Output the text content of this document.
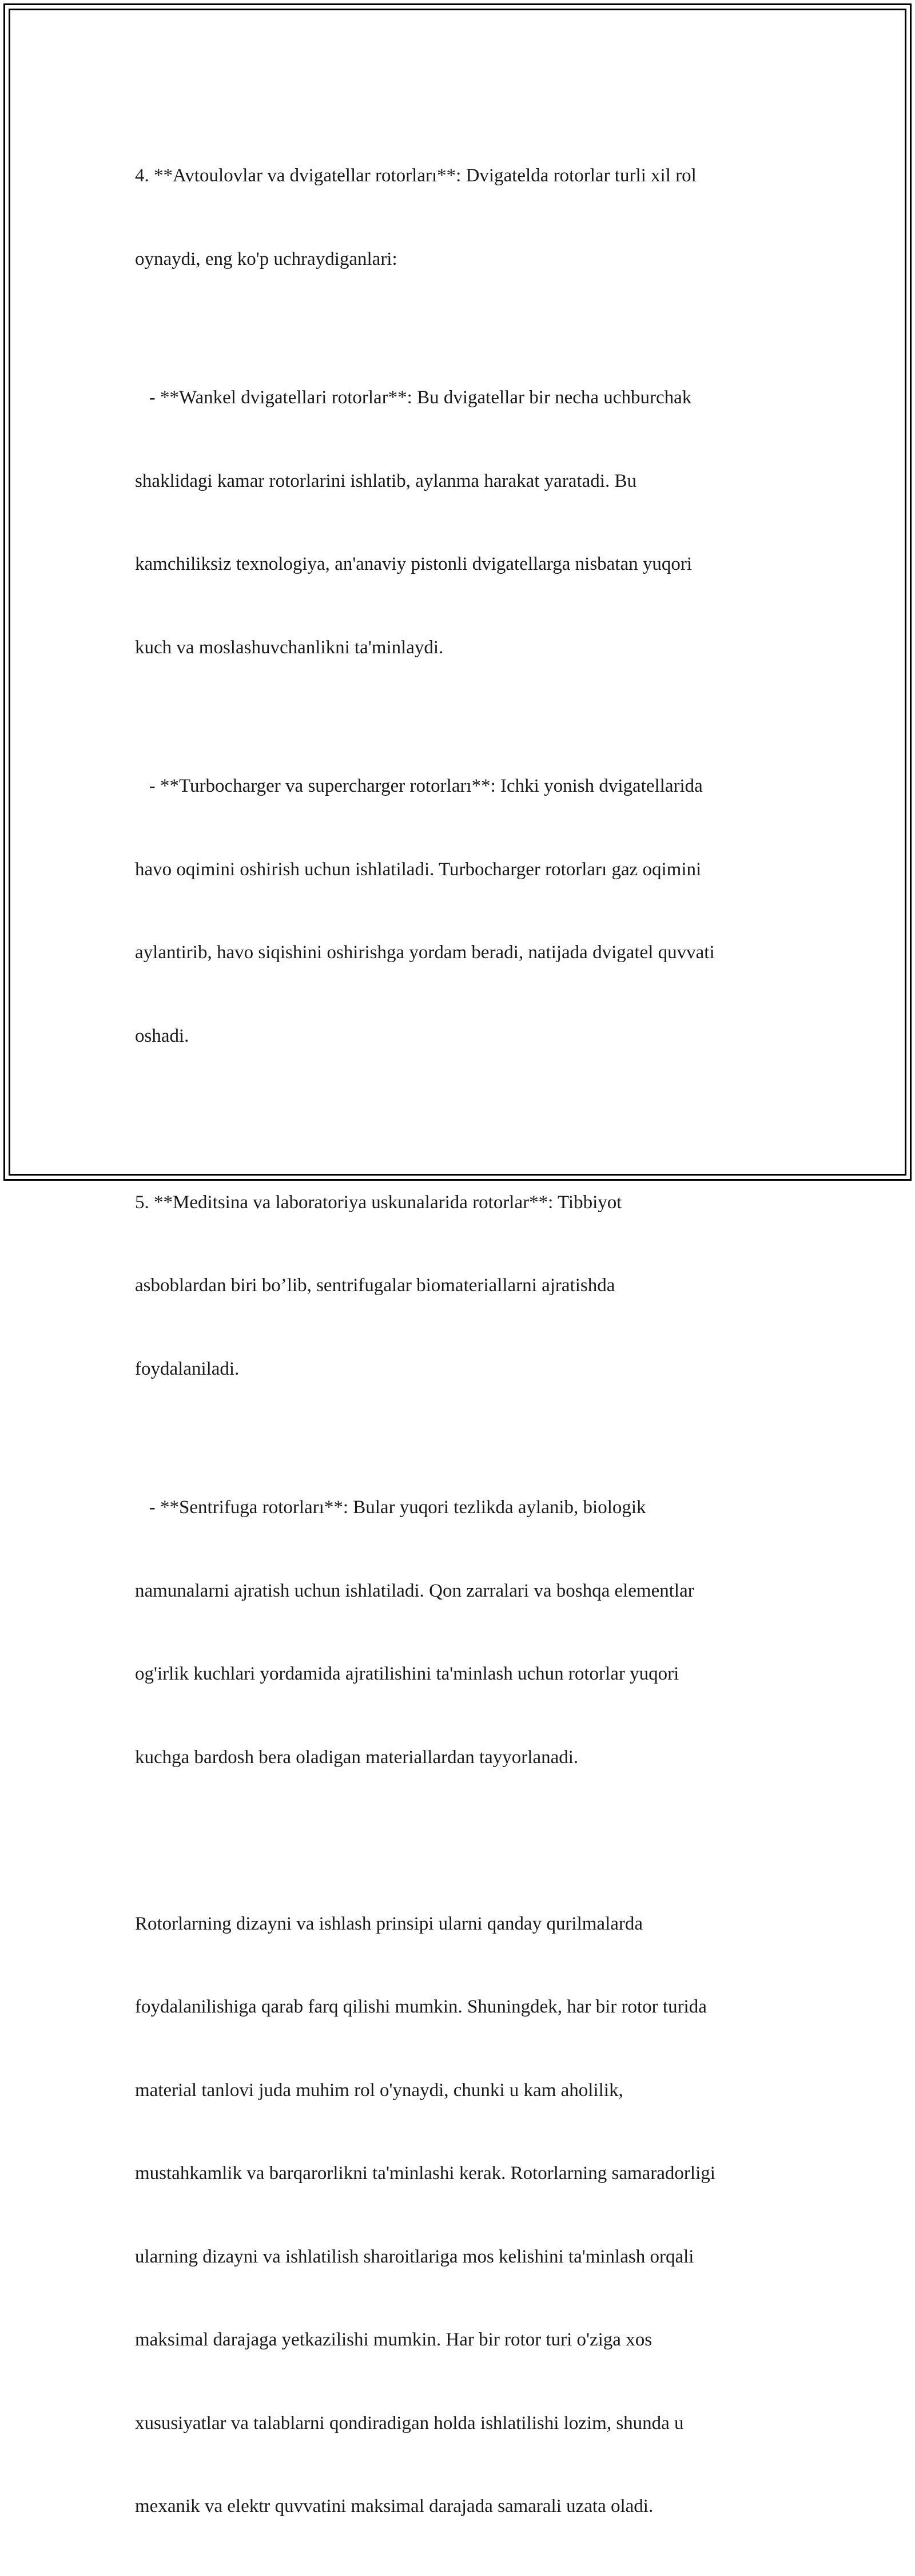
4. **Avtoulovlar va dvigatellar rotorları**: Dvigatelda rotorlar turli xil rol

oynaydi, eng ko'p uchraydiganlari:

- **Wankel dvigatellari rotorlar**: Bu dvigatellar bir necha uchburchak

shaklidagi kamar rotorlarini ishlatib, aylanma harakat yaratadi. Bu

kamchiliksiz texnologiya, an'anaviy pistonli dvigatellarga nisbatan yuqori

kuch va moslashuvchanlikni ta'minlaydi.

- **Turbocharger va supercharger rotorları**: Ichki yonish dvigatellarida

havo oqimini oshirish uchun ishlatiladi. Turbocharger rotorları gaz oqimini

aylantirib, havo siqishini oshirishga yordam beradi, natijada dvigatel quvvati

oshadi.

5. **Meditsina va laboratoriya uskunalarida rotorlar**: Tibbiyot

asboblardan biri bo’lib, sentrifugalar biomateriallarni ajratishda

foydalaniladi.

- **Sentrifuga rotorları**: Bular yuqori tezlikda aylanib, biologik

namunalarni ajratish uchun ishlatiladi. Qon zarralari va boshqa elementlar

og'irlik kuchlari yordamida ajratilishini ta'minlash uchun rotorlar yuqori

kuchga bardosh bera oladigan materiallardan tayyorlanadi.

Rotorlarning dizayni va ishlash prinsipi ularni qanday qurilmalarda

foydalanilishiga qarab farq qilishi mumkin. Shuningdek, har bir rotor turida

material tanlovi juda muhim rol o'ynaydi, chunki u kam aholilik,

mustahkamlik va barqarorlikni ta'minlashi kerak. Rotorlarning samaradorligi

ularning dizayni va ishlatilish sharoitlariga mos kelishini ta'minlash orqali

maksimal darajaga yetkazilishi mumkin. Har bir rotor turi o'ziga xos

xususiyatlar va talablarni qondiradigan holda ishlatilishi lozim, shunda u

mexanik va elektr quvvatini maksimal darajada samarali uzata oladi.
